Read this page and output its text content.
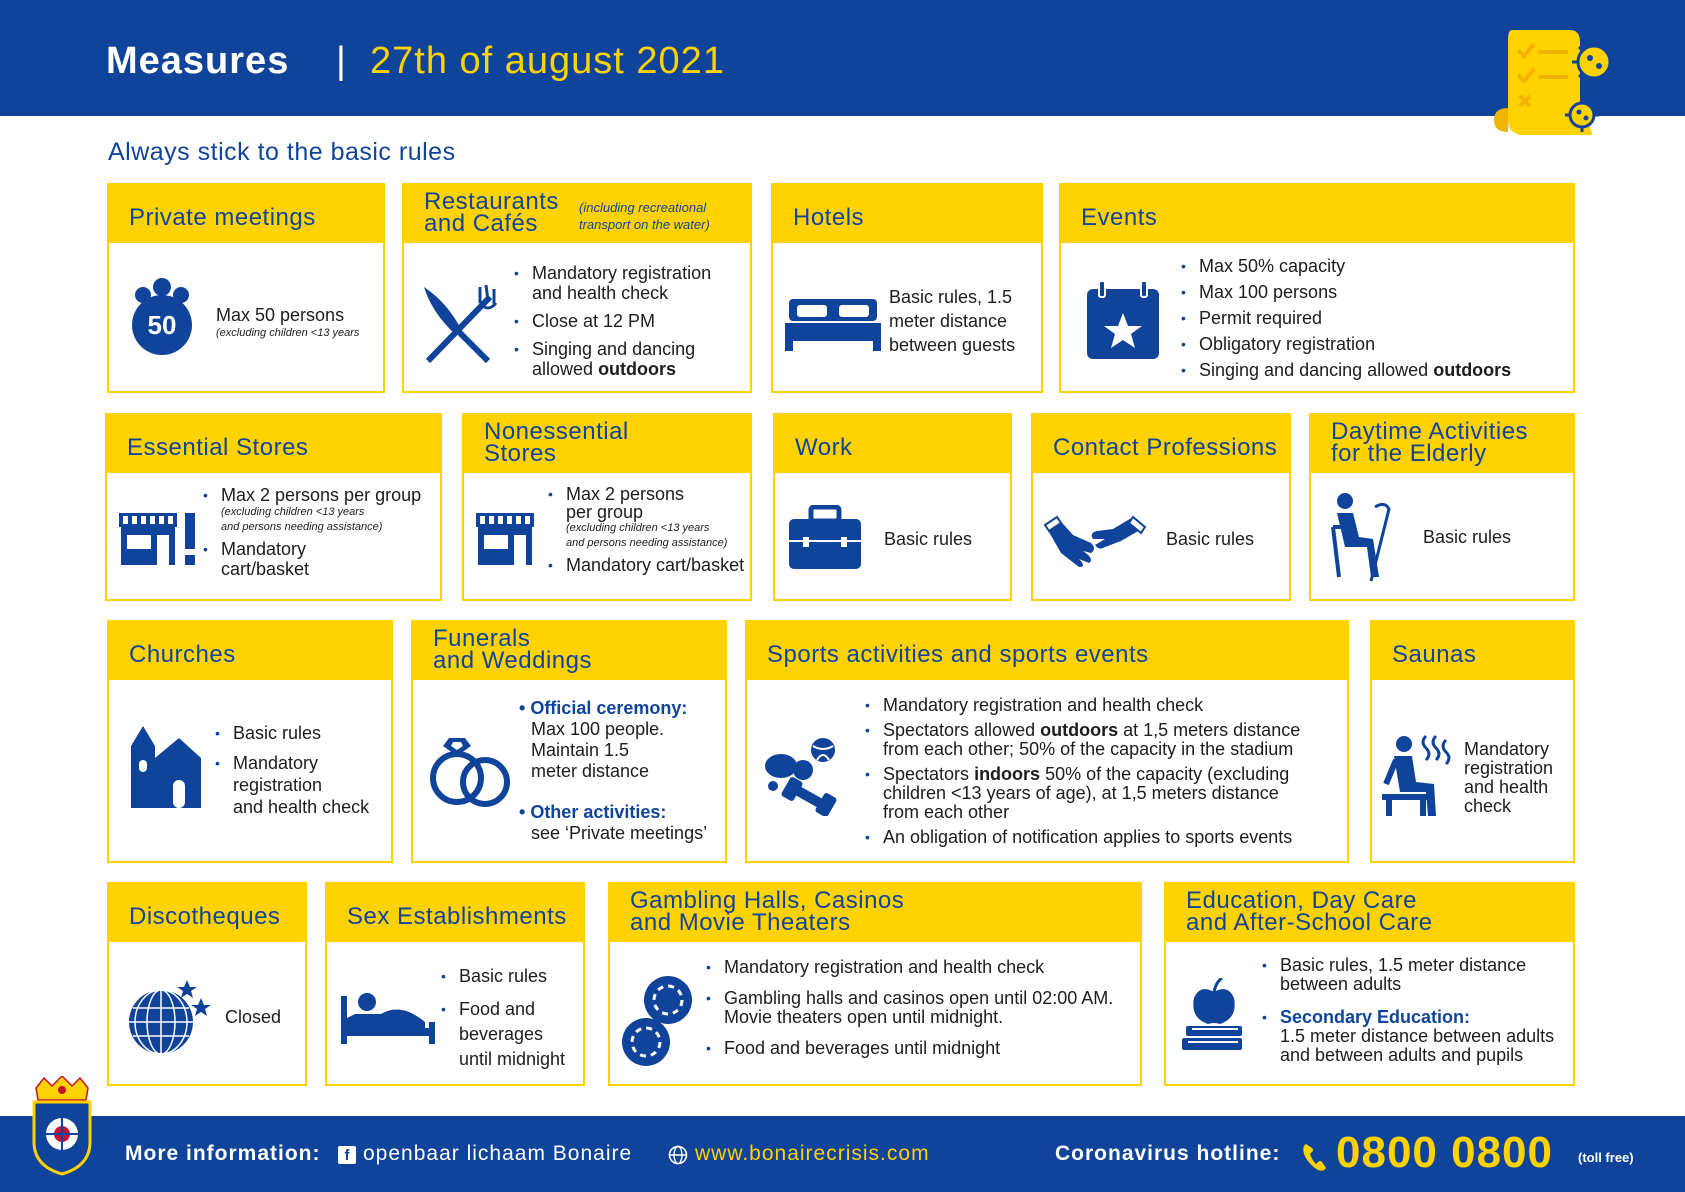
Measures | 27th of august 2021
Always stick to the basic rules
Private meetings
50 Max 50 persons
(excluding children <13 years
Restaurants
and Cafés
(including recreational
transport on the water)
• Mandatory registration and health check
• Close at 12 PM
• Singing and dancing allowed outdoors
Hotels
Basic rules, 1.5
meter distance
between guests
Events
• Max 50% capacity
• Max 100 persons
• Permit required
• Obligatory registration
• Singing and dancing allowed outdoors
Essential Stores
• Max 2 persons per group
(excluding children <13 years
and persons needing assistance)
• Mandatory
cart/basket
Nonessential
Stores
• Max 2 persons
per group
(excluding children <13 years
and persons needing assistance)
• Mandatory cart/basket
Work
Basic rules
Contact Professions
Basic rules
Daytime Activities
for the Elderly
Basic rules
Churches
• Basic rules
• Mandatory
registration
and health check
Funerals
and Weddings
• Official ceremony:
Max 100 people.
Maintain 1.5
meter distance
• Other activities:
see ‘Private meetings’
Sports activities and sports events
• Mandatory registration and health check
• Spectators allowed outdoors at 1,5 meters distance
from each other; 50% of the capacity in the stadium
• Spectators indoors 50% of the capacity (excluding
children <13 years of age), at 1,5 meters distance
from each other
• An obligation of notification applies to sports events
Saunas
Mandatory
registration
and health
check
Discotheques
Closed
Sex Establishments
• Basic rules
• Food and
beverages
until midnight
Gambling Halls, Casinos
and Movie Theaters
• Mandatory registration and health check
• Gambling halls and casinos open until 02:00 AM.
Movie theaters open until midnight.
• Food and beverages until midnight
Education, Day Care
and After-School Care
• Basic rules, 1.5 meter distance
between adults
• Secondary Education:
1.5 meter distance between adults
and between adults and pupils
More information:	f openbaar lichaam Bonaire	www.bonairecrisis.com	Coronavirus hotline: 0800 0800 (toll free)
